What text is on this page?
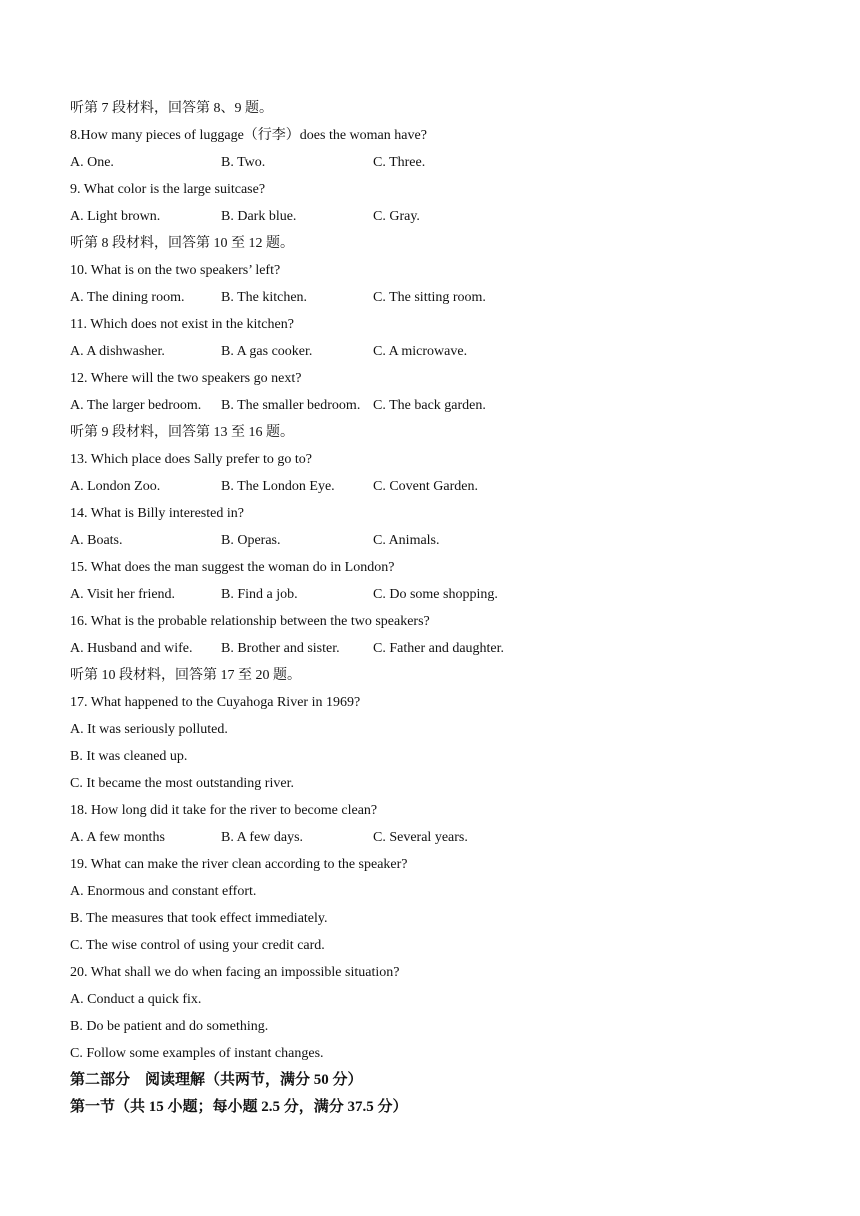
听第 7 段材料，回答第 8、9 题。
8.How many pieces of luggage（行李）does the woman have?
A. One.	B. Two.	C. Three.
9. What color is the large suitcase?
A. Light brown.	B. Dark blue.	C. Gray.
听第 8 段材料，回答第 10 至 12 题。
10. What is on the two speakers’ left?
A. The dining room.	B. The kitchen.	C. The sitting room.
11. Which does not exist in the kitchen?
A. A dishwasher.	B. A gas cooker.	C. A microwave.
12. Where will the two speakers go next?
A. The larger bedroom. B. The smaller bedroom. C. The back garden.
听第 9 段材料，回答第 13 至 16 题。
13. Which place does Sally prefer to go to?
A. London Zoo.	B. The London Eye.	C. Covent Garden.
14. What is Billy interested in?
A. Boats.	B. Operas.	C. Animals.
15. What does the man suggest the woman do in London?
A. Visit her friend.	B. Find a job.	C. Do some shopping.
16. What is the probable relationship between the two speakers?
A. Husband and wife. B. Brother and sister. C. Father and daughter.
听第 10 段材料，回答第 17 至 20 题。
17. What happened to the Cuyahoga River in 1969?
A. It was seriously polluted.
B. It was cleaned up.
C. It became the most outstanding river.
18. How long did it take for the river to become clean?
A. A few months	B. A few days.	C. Several years.
19. What can make the river clean according to the speaker?
A. Enormous and constant effort.
B. The measures that took effect immediately.
C. The wise control of using your credit card.
20. What shall we do when facing an impossible situation?
A. Conduct a quick fix.
B. Do be patient and do something.
C. Follow some examples of instant changes.
第二部分　阅读理解（共两节，满分 50 分）
第一节（共 15 小题；每小题 2.5 分，满分 37.5 分）
